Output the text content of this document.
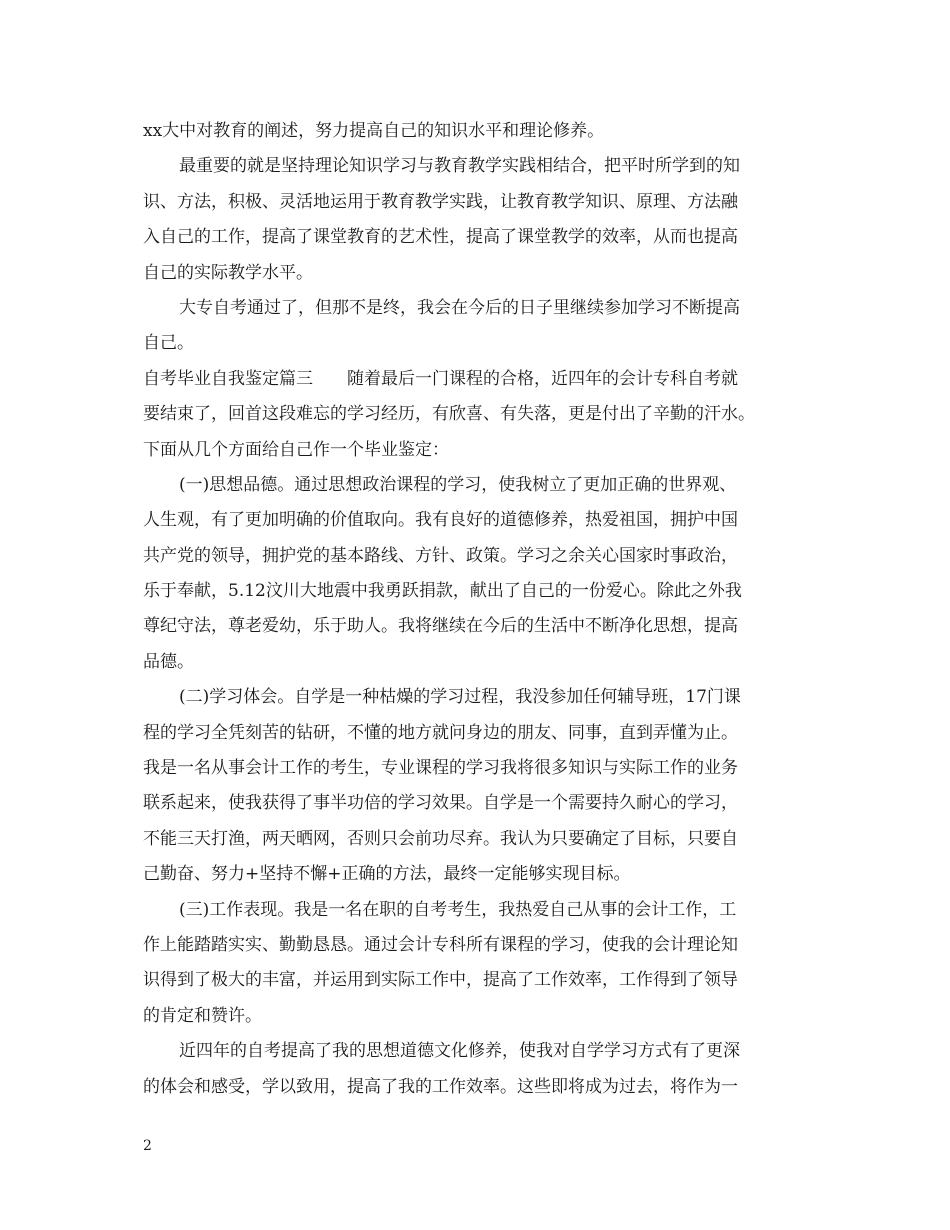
xx大中对教育的阐述，努力提高自己的知识水平和理论修养。
最重要的就是坚持理论知识学习与教育教学实践相结合，把平时所学到的知
识、方法，积极、灵活地运用于教育教学实践，让教育教学知识、原理、方法融
入自己的工作，提高了课堂教育的艺术性，提高了课堂教学的效率，从而也提高
自己的实际教学水平。
大专自考通过了，但那不是终，我会在今后的日子里继续参加学习不断提高
自己。
自考毕业自我鉴定篇三　　随着最后一门课程的合格，近四年的会计专科自考就
要结束了，回首这段难忘的学习经历，有欣喜、有失落，更是付出了辛勤的汗水。
下面从几个方面给自己作一个毕业鉴定：
(一)思想品德。通过思想政治课程的学习，使我树立了更加正确的世界观、
人生观，有了更加明确的价值取向。我有良好的道德修养，热爱祖国，拥护中国
共产党的领导，拥护党的基本路线、方针、政策。学习之余关心国家时事政治，
乐于奉献，5.12汶川大地震中我勇跃捐款，献出了自己的一份爱心。除此之外我
尊纪守法，尊老爱幼，乐于助人。我将继续在今后的生活中不断净化思想，提高
品德。
(二)学习体会。自学是一种枯燥的学习过程，我没参加任何辅导班，17门课
程的学习全凭刻苦的钻研，不懂的地方就问身边的朋友、同事，直到弄懂为止。
我是一名从事会计工作的考生，专业课程的学习我将很多知识与实际工作的业务
联系起来，使我获得了事半功倍的学习效果。自学是一个需要持久耐心的学习，
不能三天打渔，两天晒网，否则只会前功尽弃。我认为只要确定了目标，只要自
己勤奋、努力+坚持不懈+正确的方法，最终一定能够实现目标。
(三)工作表现。我是一名在职的自考考生，我热爱自己从事的会计工作，工
作上能踏踏实实、勤勤恳恳。通过会计专科所有课程的学习，使我的会计理论知
识得到了极大的丰富，并运用到实际工作中，提高了工作效率，工作得到了领导
的肯定和赞许。
近四年的自考提高了我的思想道德文化修养，使我对自学学习方式有了更深
的体会和感受，学以致用，提高了我的工作效率。这些即将成为过去，将作为一
2
